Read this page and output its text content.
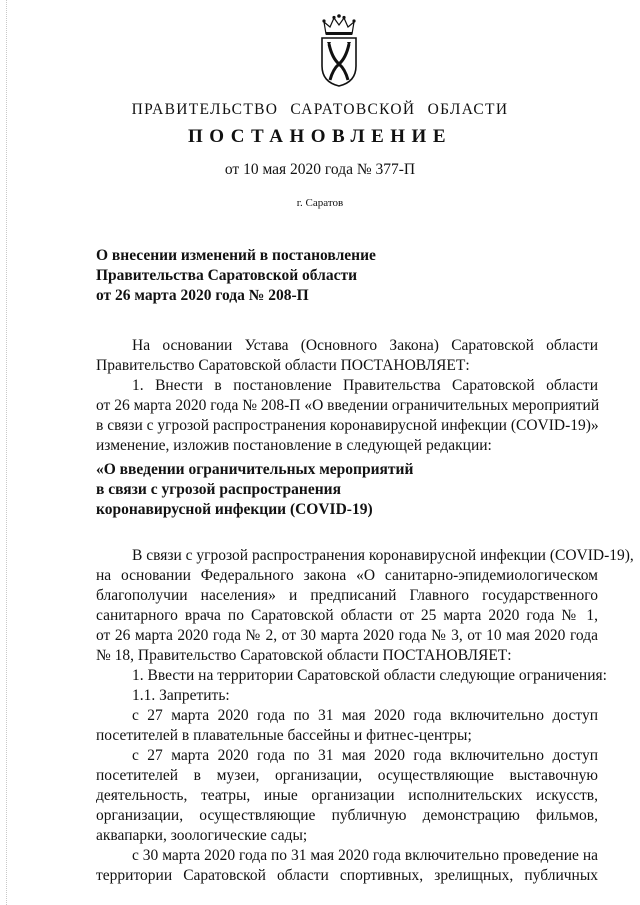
ПРАВИТЕЛЬСТВО САРАТОВСКОЙ ОБЛАСТИ
ПОСТАНОВЛЕНИЕ
от 10 мая 2020 года № 377-П
г. Саратов
О внесении изменений в постановление
Правительства Саратовской области
от 26 марта 2020 года № 208-П
На основании Устава (Основного Закона) Саратовской области
Правительство Саратовской области ПОСТАНОВЛЯЕТ:
1. Внести в постановление Правительства Саратовской области
от 26 марта 2020 года № 208-П «О введении ограничительных мероприятий
в связи с угрозой распространения коронавирусной инфекции (COVID-19)»
изменение, изложив постановление в следующей редакции:
«О введении ограничительных мероприятий
в связи с угрозой распространения
коронавирусной инфекции (COVID-19)
В связи с угрозой распространения коронавирусной инфекции (COVID-19),
на основании Федерального закона «О санитарно-эпидемиологическом
благополучии населения» и предписаний Главного государственного
санитарного врача по Саратовской области от 25 марта 2020 года № 1,
от 26 марта 2020 года № 2, от 30 марта 2020 года № 3, от 10 мая 2020 года
№ 18, Правительство Саратовской области ПОСТАНОВЛЯЕТ:
1. Ввести на территории Саратовской области следующие ограничения:
1.1. Запретить:
с 27 марта 2020 года по 31 мая 2020 года включительно доступ
посетителей в плавательные бассейны и фитнес-центры;
с 27 марта 2020 года по 31 мая 2020 года включительно доступ
посетителей в музеи, организации, осуществляющие выставочную
деятельность, театры, иные организации исполнительских искусств,
организации, осуществляющие публичную демонстрацию фильмов,
аквапарки, зоологические сады;
с 30 марта 2020 года по 31 мая 2020 года включительно проведение на
территории Саратовской области спортивных, зрелищных, публичных
